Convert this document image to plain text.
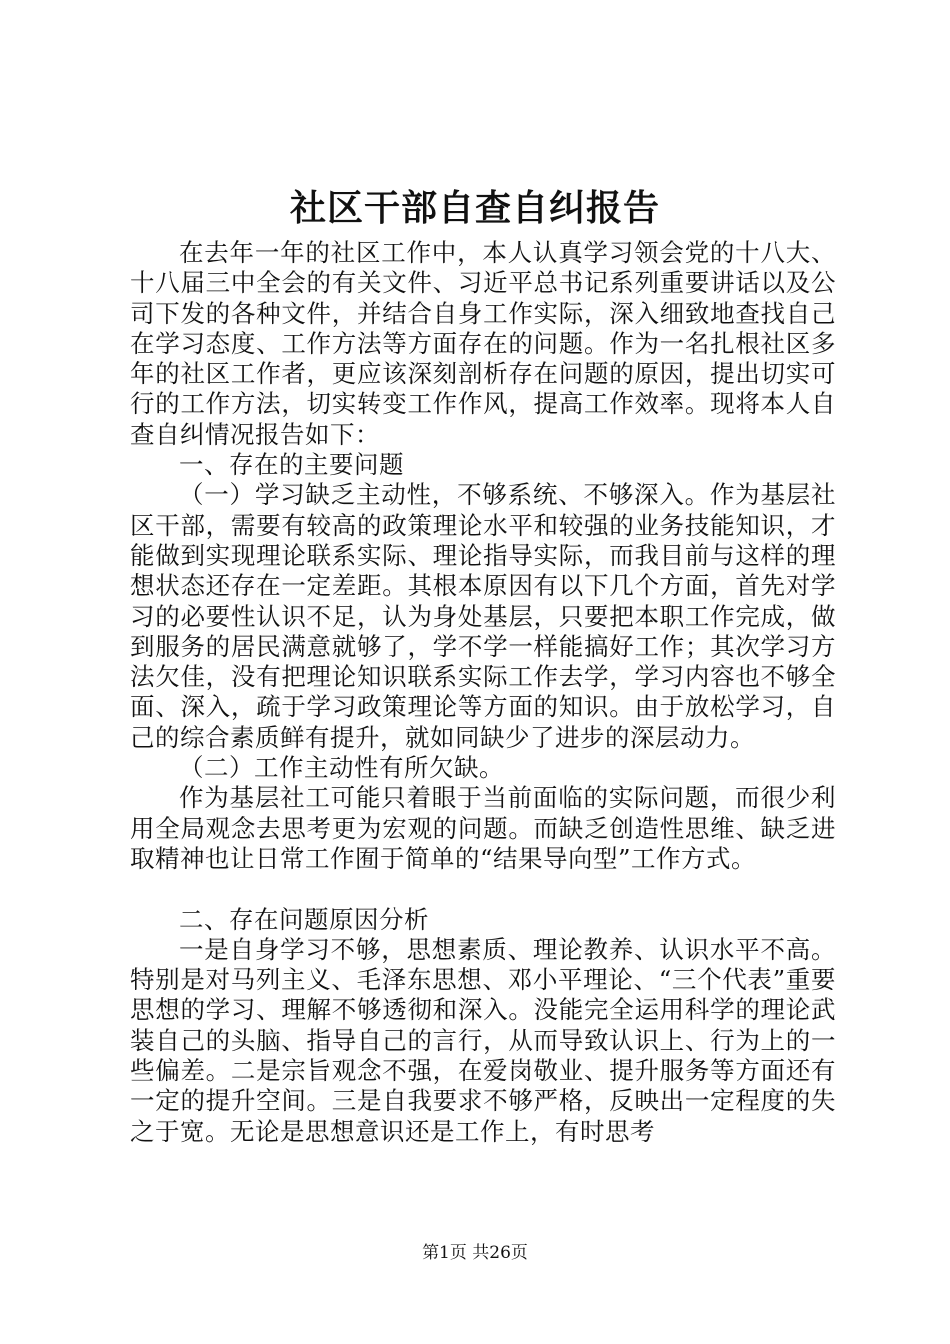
社区干部自查自纠报告

在去年一年的社区工作中，本人认真学习领会党的十八大、十八届三中全会的有关文件、习近平总书记系列重要讲话以及公司下发的各种文件，并结合自身工作实际，深入细致地查找自己在学习态度、工作方法等方面存在的问题。作为一名扎根社区多年的社区工作者，更应该深刻剖析存在问题的原因，提出切实可行的工作方法，切实转变工作作风，提高工作效率。现将本人自查自纠情况报告如下：

一、存在的主要问题

（一）学习缺乏主动性，不够系统、不够深入。作为基层社区干部，需要有较高的政策理论水平和较强的业务技能知识，才能做到实现理论联系实际、理论指导实际，而我目前与这样的理想状态还存在一定差距。其根本原因有以下几个方面，首先对学习的必要性认识不足，认为身处基层，只要把本职工作完成，做到服务的居民满意就够了，学不学一样能搞好工作；其次学习方法欠佳，没有把理论知识联系实际工作去学，学习内容也不够全面、深入，疏于学习政策理论等方面的知识。由于放松学习，自己的综合素质鲜有提升，就如同缺少了进步的深层动力。

（二）工作主动性有所欠缺。

作为基层社工可能只着眼于当前面临的实际问题，而很少利用全局观念去思考更为宏观的问题。而缺乏创造性思维、缺乏进取精神也让日常工作囿于简单的“结果导向型”工作方式。

二、存在问题原因分析

一是自身学习不够，思想素质、理论教养、认识水平不高。特别是对马列主义、毛泽东思想、邓小平理论、“三个代表”重要思想的学习、理解不够透彻和深入。没能完全运用科学的理论武装自己的头脑、指导自己的言行，从而导致认识上、行为上的一些偏差。二是宗旨观念不强，在爱岗敬业、提升服务等方面还有一定的提升空间。三是自我要求不够严格，反映出一定程度的失之于宽。无论是思想意识还是工作上，有时思考

第1页 共26页
